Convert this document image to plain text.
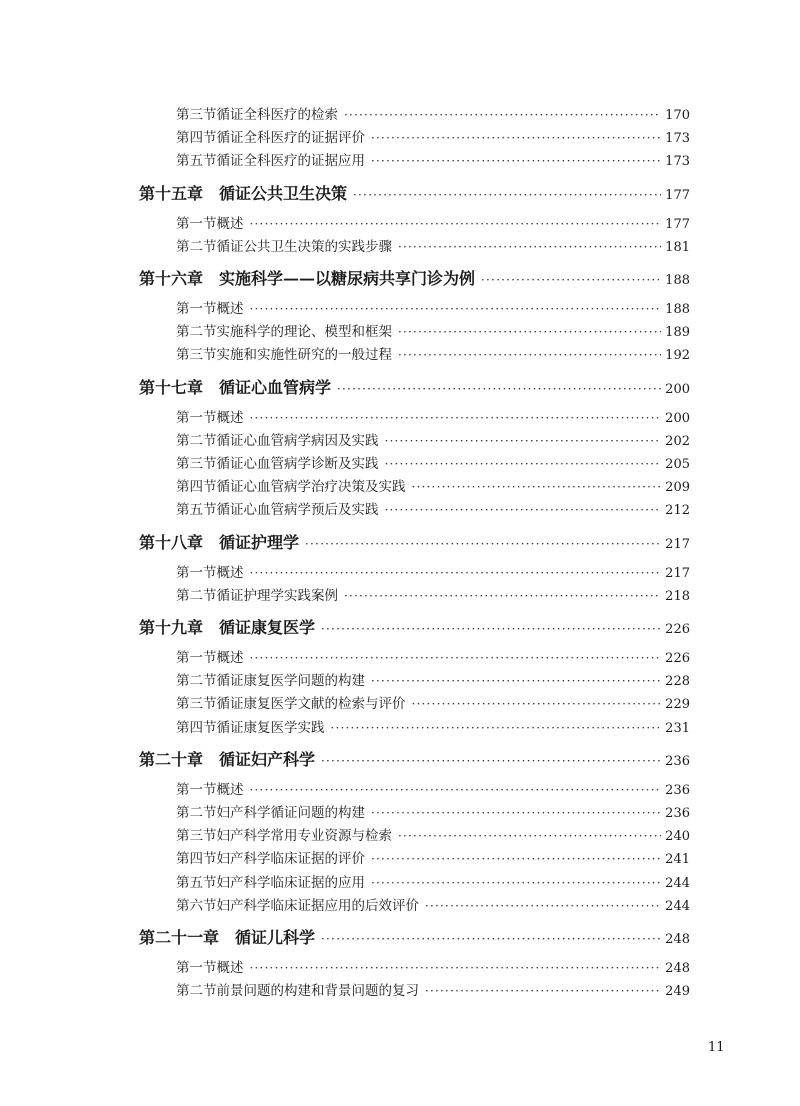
第三节 循证全科医疗的检索 ·····	170
第四节 循证全科医疗的证据评价 ·····	173
第五节 循证全科医疗的证据应用 ·····	173
第十五章 循证公共卫生决策 ·····	177
第一节 概述 ·····	177
第二节 循证公共卫生决策的实践步骤 ·····	181
第十六章 实施科学——以糖尿病共享门诊为例 ·····	188
第一节 概述 ·····	188
第二节 实施科学的理论、模型和框架 ·····	189
第三节 实施和实施性研究的一般过程 ·····	192
第十七章 循证心血管病学 ·····	200
第一节 概述 ·····	200
第二节 循证心血管病学病因及实践 ·····	202
第三节 循证心血管病学诊断及实践 ·····	205
第四节 循证心血管病学治疗决策及实践 ·····	209
第五节 循证心血管病学预后及实践 ·····	212
第十八章 循证护理学 ·····	217
第一节 概述 ·····	217
第二节 循证护理学实践案例 ·····	218
第十九章 循证康复医学 ·····	226
第一节 概述 ·····	226
第二节 循证康复医学问题的构建 ·····	228
第三节 循证康复医学文献的检索与评价 ·····	229
第四节 循证康复医学实践 ·····	231
第二十章 循证妇产科学 ·····	236
第一节 概述 ·····	236
第二节 妇产科学循证问题的构建 ·····	236
第三节 妇产科学常用专业资源与检索 ·····	240
第四节 妇产科学临床证据的评价 ·····	241
第五节 妇产科学临床证据的应用 ·····	244
第六节 妇产科学临床证据应用的后效评价 ·····	244
第二十一章 循证儿科学 ·····	248
第一节 概述 ·····	248
第二节 前景问题的构建和背景问题的复习 ·····	249
11
